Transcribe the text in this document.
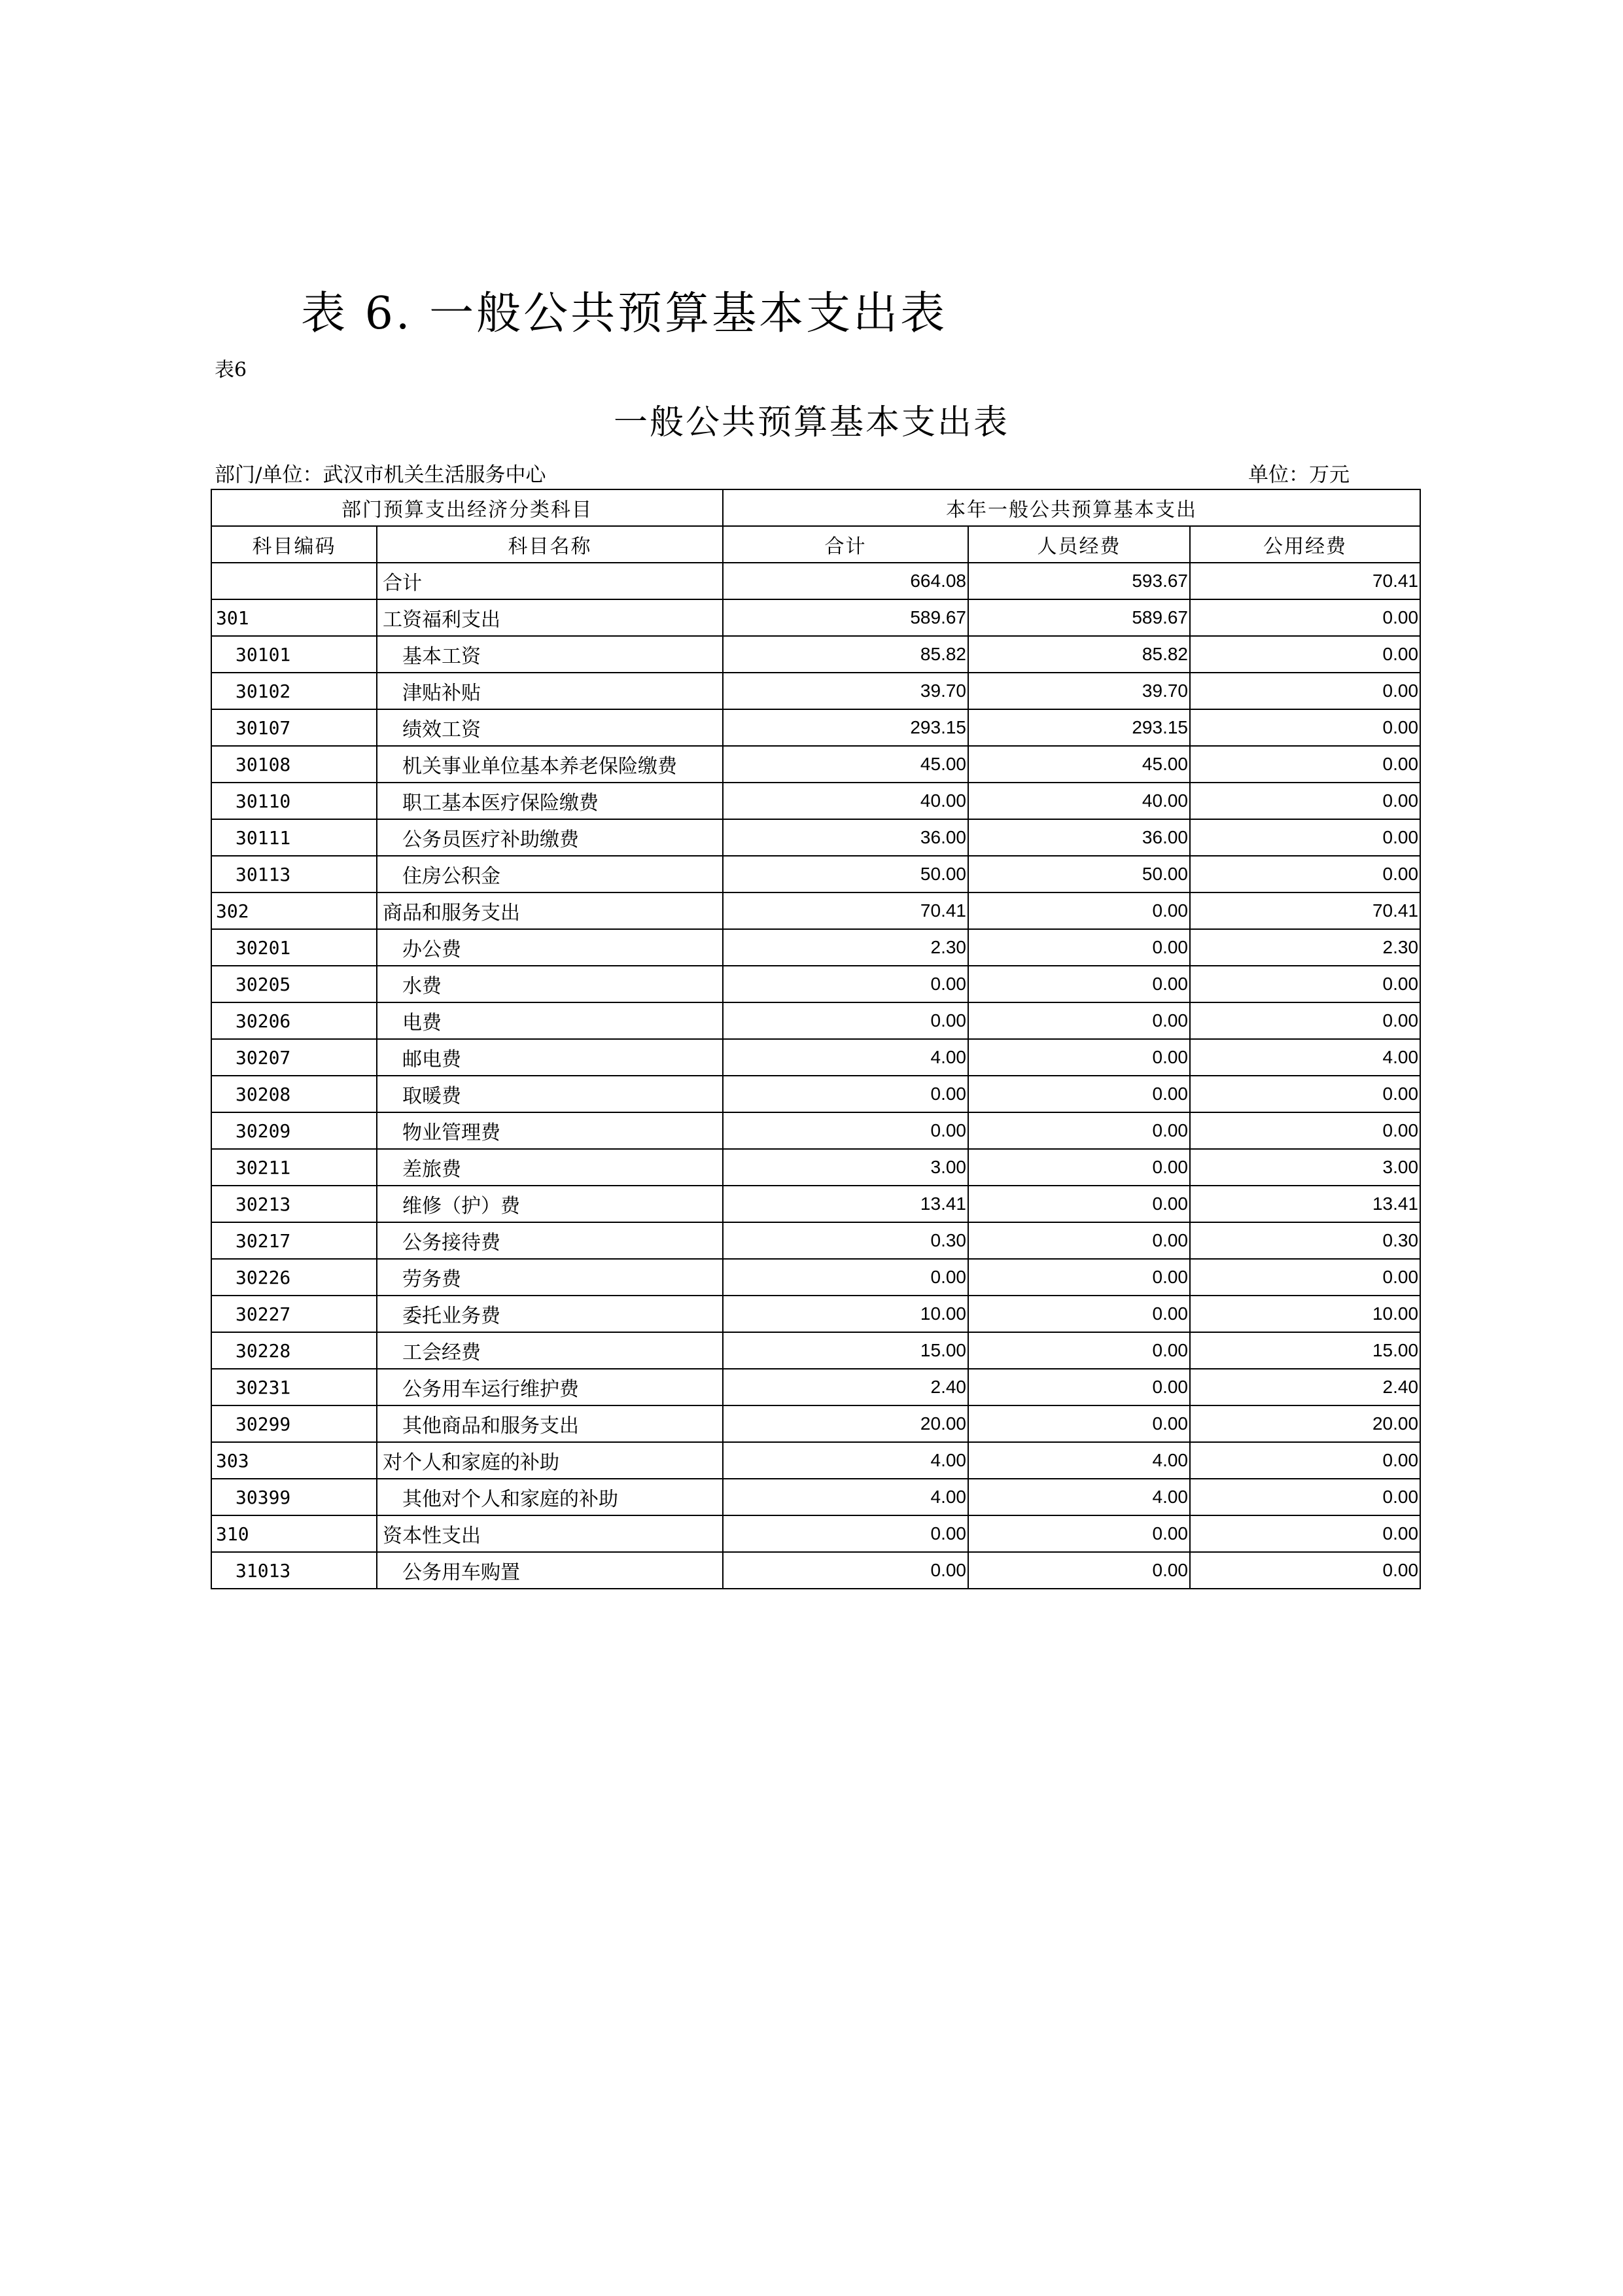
表 6. 一般公共预算基本支出表
表6
一般公共预算基本支出表
部门/单位：武汉市机关生活服务中心	单位：万元
部门预算支出经济分类科目		本年一般公共预算基本支出		
科目编码	科目名称	合计	人员经费	公用经费
	合计	664.08	593.67	70.41
301	工资福利支出	589.67	589.67	0.00
30101	基本工资	85.82	85.82	0.00
30102	津贴补贴	39.70	39.70	0.00
30107	绩效工资	293.15	293.15	0.00
30108	机关事业单位基本养老保险缴费	45.00	45.00	0.00
30110	职工基本医疗保险缴费	40.00	40.00	0.00
30111	公务员医疗补助缴费	36.00	36.00	0.00
30113	住房公积金	50.00	50.00	0.00
302	商品和服务支出	70.41	0.00	70.41
30201	办公费	2.30	0.00	2.30
30205	水费	0.00	0.00	0.00
30206	电费	0.00	0.00	0.00
30207	邮电费	4.00	0.00	4.00
30208	取暖费	0.00	0.00	0.00
30209	物业管理费	0.00	0.00	0.00
30211	差旅费	3.00	0.00	3.00
30213	维修（护）费	13.41	0.00	13.41
30217	公务接待费	0.30	0.00	0.30
30226	劳务费	0.00	0.00	0.00
30227	委托业务费	10.00	0.00	10.00
30228	工会经费	15.00	0.00	15.00
30231	公务用车运行维护费	2.40	0.00	2.40
30299	其他商品和服务支出	20.00	0.00	20.00
303	对个人和家庭的补助	4.00	4.00	0.00
30399	其他对个人和家庭的补助	4.00	4.00	0.00
310	资本性支出	0.00	0.00	0.00
31013	公务用车购置	0.00	0.00	0.00
